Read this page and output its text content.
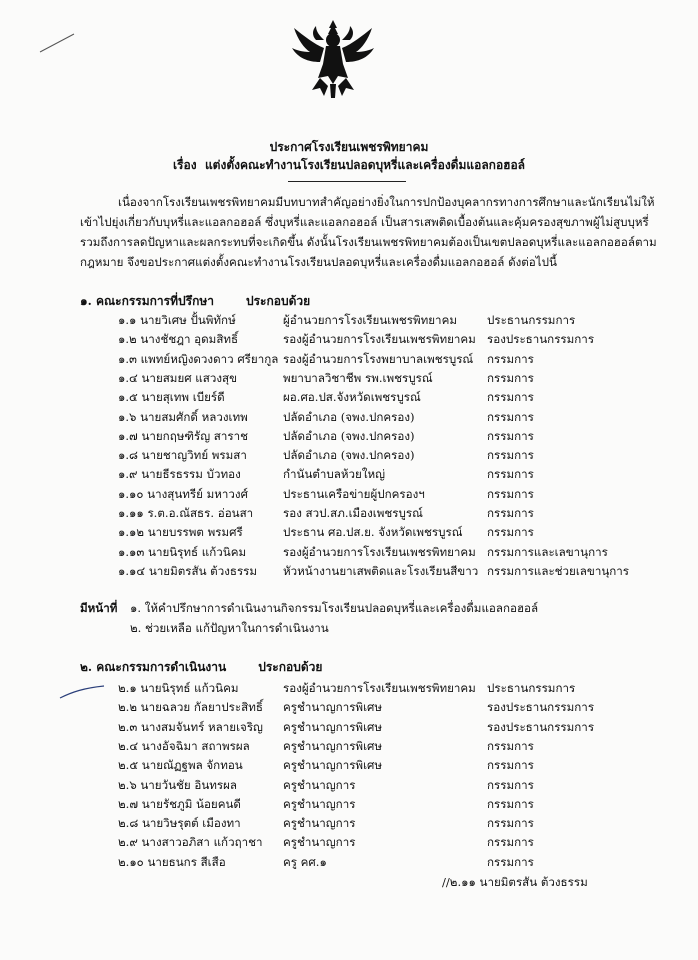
ประกาศโรงเรียนเพชรพิทยาคม
เรื่อง แต่งตั้งคณะทำงานโรงเรียนปลอดบุหรี่และเครื่องดื่มแอลกอฮอล์
เนื่องจากโรงเรียนเพชรพิทยาคมมีบทบาทสำคัญอย่างยิ่งในการปกป้องบุคลากรทางการศึกษาและนักเรียนไม่ให้
เข้าไปยุ่งเกี่ยวกับบุหรี่และแอลกอฮอล์ ซึ่งบุหรี่และแอลกอฮอล์ เป็นสารเสพติดเบื้องต้นและคุ้มครองสุขภาพผู้ไม่สูบบุหรี่
รวมถึงการลดปัญหาและผลกระทบที่จะเกิดขึ้น ดังนั้นโรงเรียนเพชรพิทยาคมต้องเป็นเขตปลอดบุหรี่และแอลกอฮอล์ตาม
กฎหมาย จึงขอประกาศแต่งตั้งคณะทำงานโรงเรียนปลอดบุหรี่และเครื่องดื่มแอลกอฮอล์ ดังต่อไปนี้
๑. คณะกรรมการที่ปรึกษา	ประกอบด้วย
๑.๑ นายวิเศษ ปั้นพิทักษ์	ผู้อำนวยการโรงเรียนเพชรพิทยาคม	ประธานกรรมการ
๑.๒ นางชัชฎา อุดมสิทธิ์	รองผู้อำนวยการโรงเรียนเพชรพิทยาคม รองประธานกรรมการ
๑.๓ แพทย์หญิงดวงดาว ศรียากูล รองผู้อำนวยการโรงพยาบาลเพชรบูรณ์ กรรมการ
๑.๔ นายสมยศ แสวงสุข	พยาบาลวิชาชีพ รพ.เพชรบูรณ์	กรรมการ
๑.๕ นายสุเทพ เบียร์ดี	ผอ.ศอ.ปส.จังหวัดเพชรบูรณ์	กรรมการ
๑.๖ นายสมศักดิ์ หลวงเทพ	ปลัดอำเภอ (จพง.ปกครอง)	กรรมการ
๑.๗ นายกฤษฑิรัญ สาราช	ปลัดอำเภอ (จพง.ปกครอง)	กรรมการ
๑.๘ นายชาญวิทย์ พรมสา	ปลัดอำเภอ (จพง.ปกครอง)	กรรมการ
๑.๙ นายธีรธรรม บัวทอง	กำนันตำบลห้วยใหญ่	กรรมการ
๑.๑๐ นางสุนทรีย์ มหาวงศ์	ประธานเครือข่ายผู้ปกครองฯ	กรรมการ
๑.๑๑ ร.ต.อ.ณัสธร. อ่อนสา	รอง สวป.สภ.เมืองเพชรบูรณ์	กรรมการ
๑.๑๒ นายบรรพต พรมศรี	ประธาน ศอ.ปส.ย. จังหวัดเพชรบูรณ์ กรรมการ
๑.๑๓ นายนิรุทธ์ แก้วนิคม	รองผู้อำนวยการโรงเรียนเพชรพิทยาคม กรรมการและเลขานุการ
๑.๑๔ นายมิตรสัน ต้วงธรรม หัวหน้างานยาเสพติดและโรงเรียนสีขาว กรรมการและช่วยเลขานุการ
มีหน้าที่ ๑. ให้คำปรึกษาการดำเนินงานกิจกรรมโรงเรียนปลอดบุหรี่และเครื่องดื่มแอลกอฮอล์
๒. ช่วยเหลือ แก้ปัญหาในการดำเนินงาน
๒. คณะกรรมการดำเนินงาน	ประกอบด้วย
๒.๑ นายนิรุทธ์ แก้วนิคม	รองผู้อำนวยการโรงเรียนเพชรพิทยาคม ประธานกรรมการ
๒.๒ นายฉลวย กัลยาประสิทธิ์ ครูชำนาญการพิเศษ	รองประธานกรรมการ
๒.๓ นางสมจันทร์ หลายเจริญ ครูชำนาญการพิเศษ	รองประธานกรรมการ
๒.๔ นางอัจฉิมา สถาพรผล	ครูชำนาญการพิเศษ	กรรมการ
๒.๕ นายณัฏฐพล จักทอน	ครูชำนาญการพิเศษ	กรรมการ
๒.๖ นายวันชัย อินทรผล	ครูชำนาญการ	กรรมการ
๒.๗ นายรัชภูมิ น้อยคนดี	ครูชำนาญการ	กรรมการ
๒.๘ นายวิษรุตต์ เมืองทา	ครูชำนาญการ	กรรมการ
๒.๙ นางสาวอภิสา แก้วฤาชา ครูชำนาญการ	กรรมการ
๒.๑๐ นายธนกร สีเสือ	ครู คศ.๑	กรรมการ
//๒.๑๑ นายมิตรสัน ต้วงธรรม
